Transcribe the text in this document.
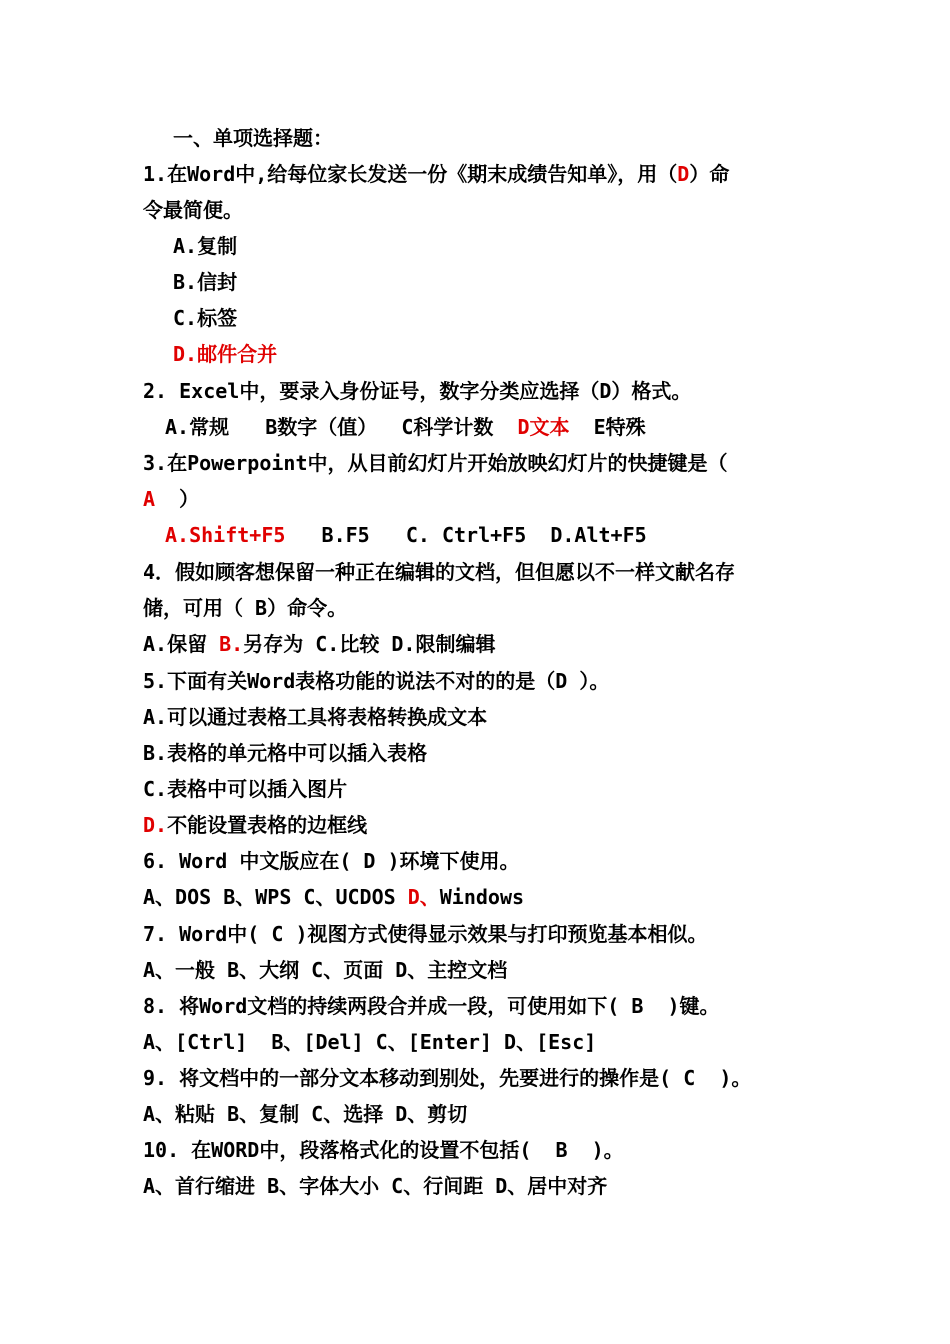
一、单项选择题：
1.在Word中,给每位家长发送一份《期末成绩告知单》，用（D）命
令最简便。
A.复制
B.信封
C.标签
D.邮件合并
2. Excel中，要录入身份证号，数字分类应选择（D）格式。
A.常规   B数字（值）  C科学计数  D文本  E特殊
3.在Powerpoint中，从目前幻灯片开始放映幻灯片的快捷键是（
A  ）
A.Shift+F5   B.F5   C. Ctrl+F5  D.Alt+F5
4．假如顾客想保留一种正在编辑的文档，但但愿以不一样文献名存
储，可用（ B）命令。
A.保留 B.另存为 C.比较 D.限制编辑
5.下面有关Word表格功能的说法不对的的是（D ）。
A.可以通过表格工具将表格转换成文本
B.表格的单元格中可以插入表格
C.表格中可以插入图片
D.不能设置表格的边框线
6. Word 中文版应在( D )环境下使用。
A、DOS B、WPS C、UCDOS D、Windows
7. Word中( C )视图方式使得显示效果与打印预览基本相似。
A、一般 B、大纲 C、页面 D、主控文档
8. 将Word文档的持续两段合并成一段，可使用如下( B  )键。
A、[Ctrl]  B、[Del] C、[Enter] D、[Esc]
9. 将文档中的一部分文本移动到别处，先要进行的操作是( C  )。
A、粘贴 B、复制 C、选择 D、剪切
10. 在WORD中，段落格式化的设置不包括(  B  )。
A、首行缩进 B、字体大小 C、行间距 D、居中对齐
